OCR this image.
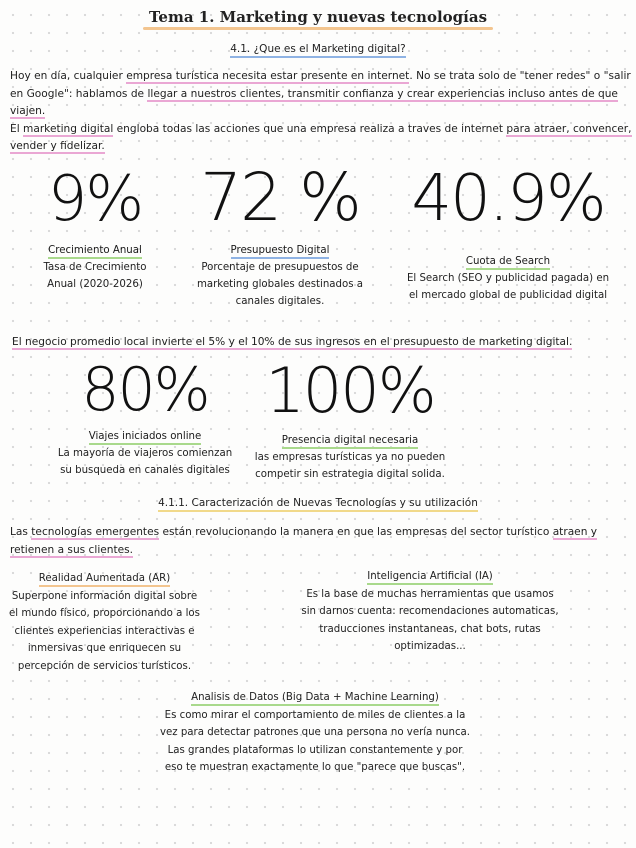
Tema 1. Marketing y nuevas tecnologías
4.1. ¿Que es el Marketing digital?
Hoy en día, cualquier empresa turística necesita estar presente en internet. No se trata solo de "tener redes" o "salir
en Google": hablamos de llegar a nuestros clientes, transmitir confianza y crear experiencias incluso antes de que
viajen.
El marketing digital engloba todas las acciones que una empresa realiza a traves de internet para atraer, convencer,
vender y fidelizar.
9%
Crecimiento Anual
Tasa de Crecimiento
Anual (2020-2026)
72 %
Presupuesto Digital
Porcentaje de presupuestos de
marketing globales destinados a
canales digitales.
40.9%
Cuota de Search
El Search (SEO y publicidad pagada) en
el mercado global de publicidad digital
El negocio promedio local invierte el 5% y el 10% de sus ingresos en el presupuesto de marketing digital.
80%
Viajes iniciados online
La mayoría de viajeros comienzan
su busqueda en canales digitales
100%
Presencia digital necesaria
las empresas turísticas ya no pueden
competir sin estrategia digital solida.
4.1.1. Caracterización de Nuevas Tecnologías y su utilización
Las tecnologías emergentes están revolucionando la manera en que las empresas del sector turístico atraen y
retienen a sus clientes.
Realidad Aumentada (AR)
Superpone información digital sobre
el mundo físico, proporcionando a los
clientes experiencias interactivas e
inmersivas que enriquecen su
percepción de servicios turísticos.
Inteligencia Artificial (IA)
Es la base de muchas herramientas que usamos
sin darnos cuenta: recomendaciones automaticas,
traducciones instantaneas, chat bots, rutas
optimizadas...
Analisis de Datos (Big Data + Machine Learning)
Es como mirar el comportamiento de miles de clientes a la
vez para detectar patrones que una persona no vería nunca.
Las grandes plataformas lo utilizan constantemente y por
eso te muestran exactamente lo que "parece que buscas".
